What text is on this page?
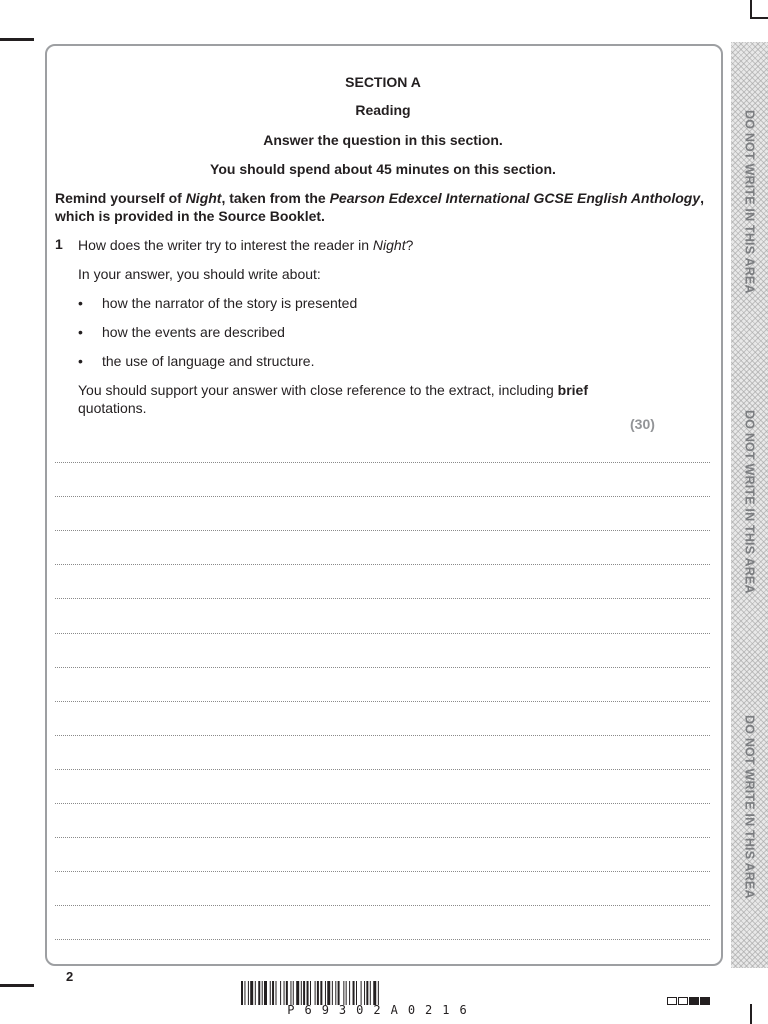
DO NOT WRITE IN THIS AREA
DO NOT WRITE IN THIS AREA
DO NOT WRITE IN THIS AREA

SECTION A

Reading

Answer the question in this section.

You should spend about 45 minutes on this section.

Remind yourself of Night, taken from the Pearson Edexcel International GCSE English Anthology,
which is provided in the Source Booklet.

1 How does the writer try to interest the reader in Night?

In your answer, you should write about:

• how the narrator of the story is presented

• how the events are described

• the use of language and structure.

You should support your answer with close reference to the extract, including brief
quotations.

(30)
2
P69302A0216
